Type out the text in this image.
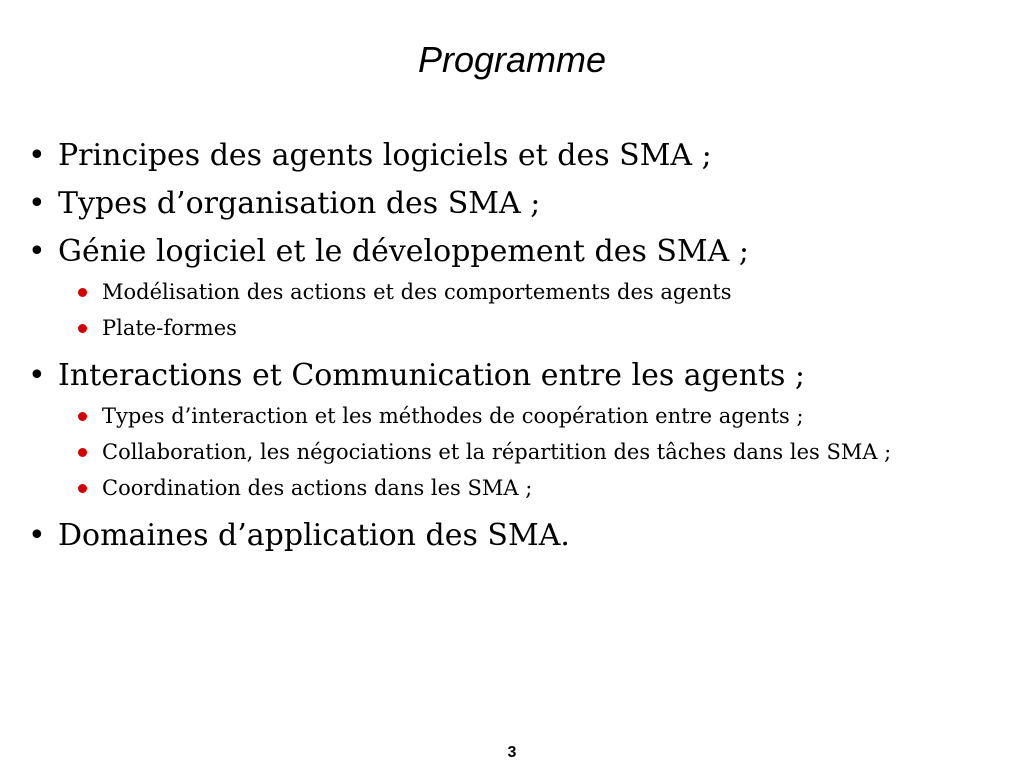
Programme
• Principes des agents logiciels et des SMA ;
• Types d’organisation des SMA ;
• Génie logiciel et le développement des SMA ;
Modélisation des actions et des comportements des agents
Plate-formes
• Interactions et Communication entre les agents ;
Types d’interaction et les méthodes de coopération entre agents ;
Collaboration, les négociations et la répartition des tâches dans les SMA ;
Coordination des actions dans les SMA ;
• Domaines d’application des SMA.
3
